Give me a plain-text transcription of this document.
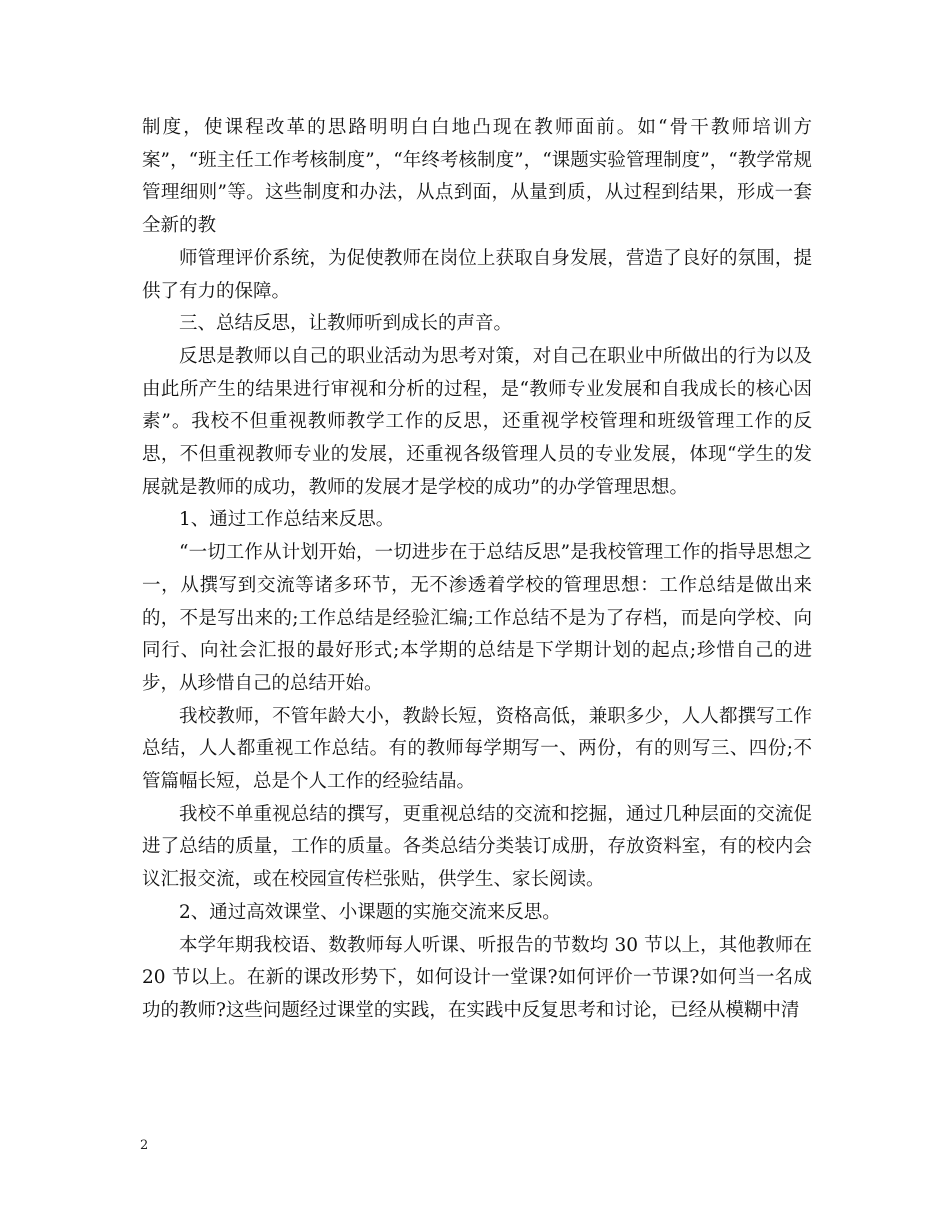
制度，使课程改革的思路明明白白地凸现在教师面前。如“骨干教师培训方案”，“班主任工作考核制度”，“年终考核制度”，“课题实验管理制度”，“教学常规管理细则”等。这些制度和办法，从点到面，从量到质，从过程到结果，形成一套全新的教

师管理评价系统，为促使教师在岗位上获取自身发展，营造了良好的氛围，提供了有力的保障。

三、总结反思，让教师听到成长的声音。

反思是教师以自己的职业活动为思考对策，对自己在职业中所做出的行为以及由此所产生的结果进行审视和分析的过程，是“教师专业发展和自我成长的核心因素”。我校不但重视教师教学工作的反思，还重视学校管理和班级管理工作的反思，不但重视教师专业的发展，还重视各级管理人员的专业发展，体现“学生的发展就是教师的成功，教师的发展才是学校的成功”的办学管理思想。

1、通过工作总结来反思。

“一切工作从计划开始，一切进步在于总结反思”是我校管理工作的指导思想之一，从撰写到交流等诸多环节，无不渗透着学校的管理思想：工作总结是做出来的，不是写出来的;工作总结是经验汇编;工作总结不是为了存档，而是向学校、向同行、向社会汇报的最好形式;本学期的总结是下学期计划的起点;珍惜自己的进步，从珍惜自己的总结开始。

我校教师，不管年龄大小，教龄长短，资格高低，兼职多少，人人都撰写工作总结，人人都重视工作总结。有的教师每学期写一、两份，有的则写三、四份;不管篇幅长短，总是个人工作的经验结晶。

我校不单重视总结的撰写，更重视总结的交流和挖掘，通过几种层面的交流促进了总结的质量，工作的质量。各类总结分类装订成册，存放资料室，有的校内会议汇报交流，或在校园宣传栏张贴，供学生、家长阅读。

2、通过高效课堂、小课题的实施交流来反思。

本学年期我校语、数教师每人听课、听报告的节数均 30 节以上，其他教师在 20 节以上。在新的课改形势下，如何设计一堂课?如何评价一节课?如何当一名成功的教师?这些问题经过课堂的实践，在实践中反复思考和讨论，已经从模糊中清

2
